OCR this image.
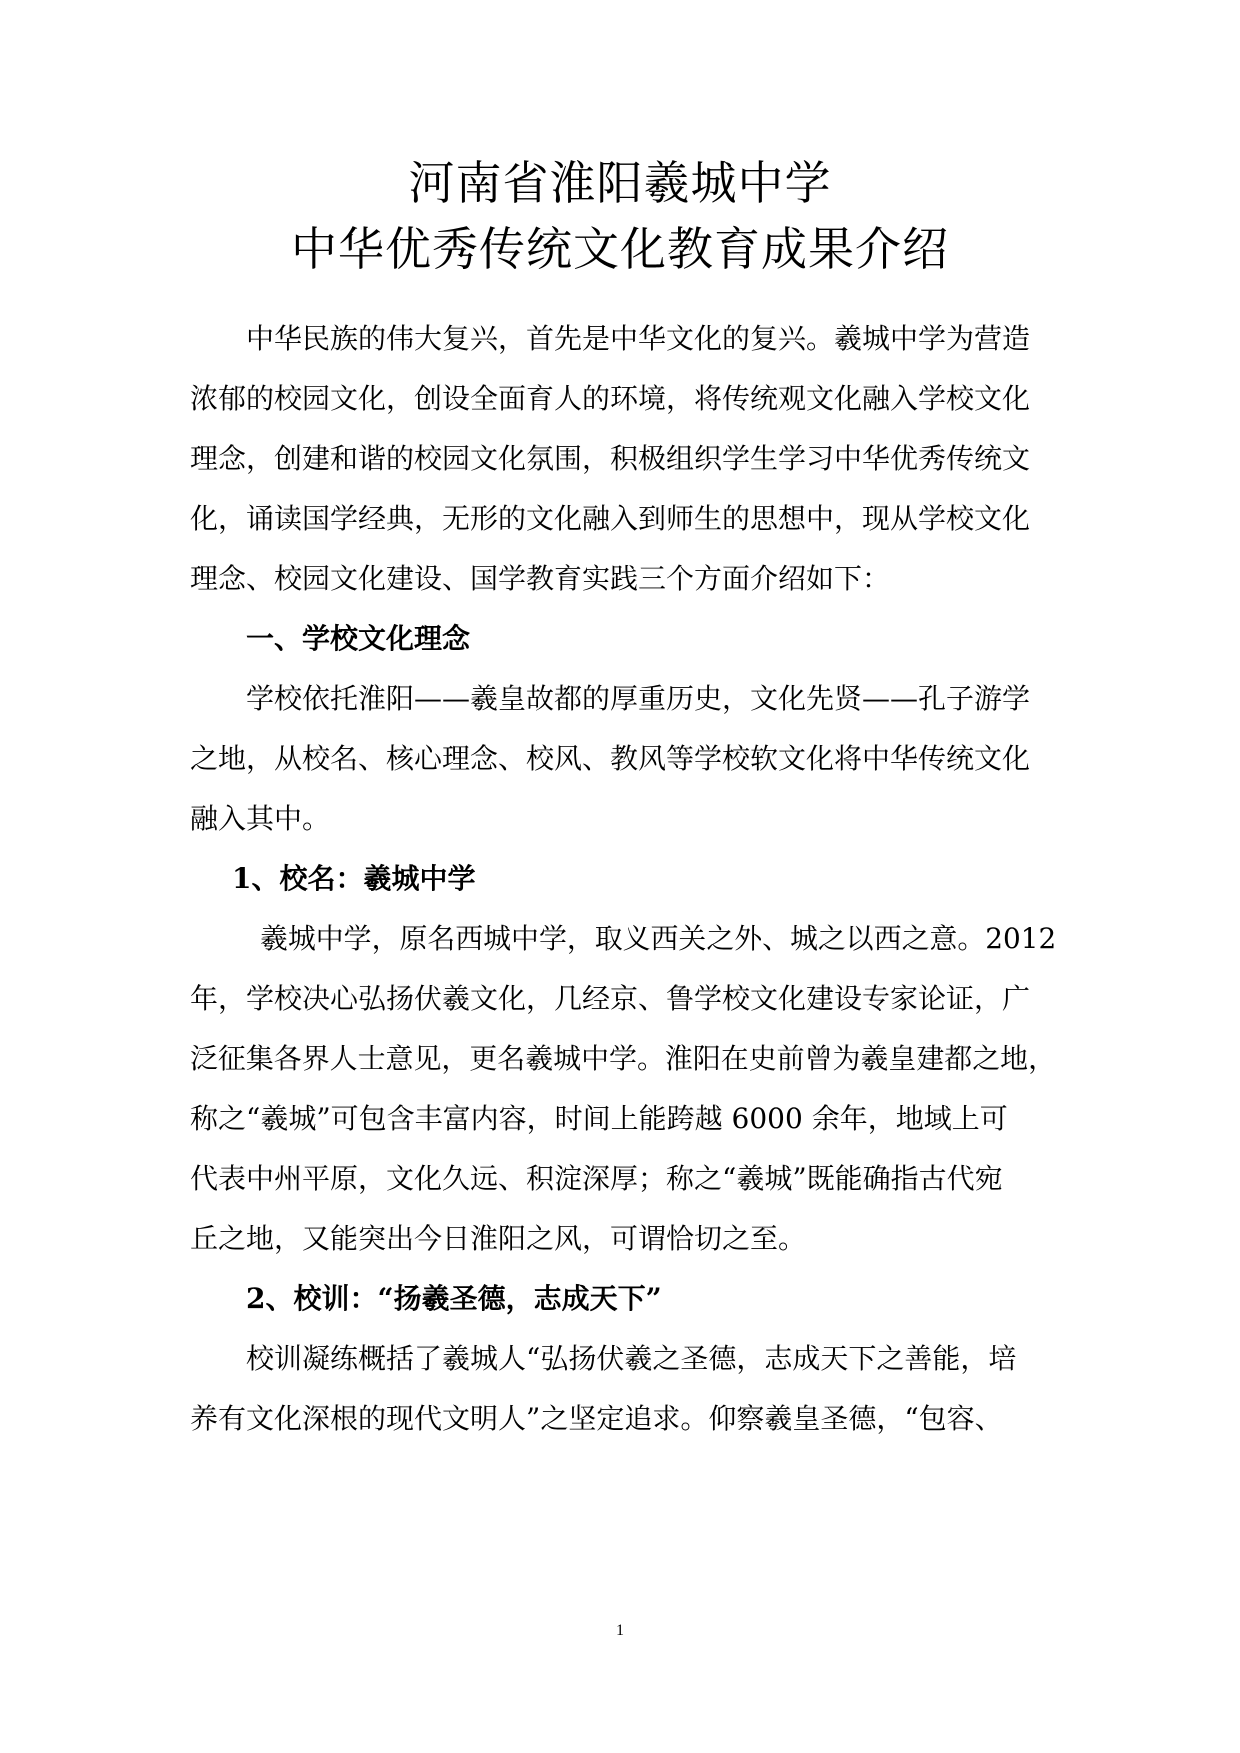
河南省淮阳羲城中学
中华优秀传统文化教育成果介绍
中华民族的伟大复兴，首先是中华文化的复兴。羲城中学为营造
浓郁的校园文化，创设全面育人的环境，将传统观文化融入学校文化
理念，创建和谐的校园文化氛围，积极组织学生学习中华优秀传统文
化，诵读国学经典，无形的文化融入到师生的思想中，现从学校文化
理念、校园文化建设、国学教育实践三个方面介绍如下：
一、学校文化理念
学校依托淮阳——羲皇故都的厚重历史，文化先贤——孔子游学
之地，从校名、核心理念、校风、教风等学校软文化将中华传统文化
融入其中。
1、校名：羲城中学
羲城中学，原名西城中学，取义西关之外、城之以西之意。2012
年，学校决心弘扬伏羲文化，几经京、鲁学校文化建设专家论证，广
泛征集各界人士意见，更名羲城中学。淮阳在史前曾为羲皇建都之地，
称之“羲城”可包含丰富内容，时间上能跨越 6000 余年，地域上可
代表中州平原，文化久远、积淀深厚；称之“羲城”既能确指古代宛
丘之地，又能突出今日淮阳之风，可谓恰切之至。
2、校训：“扬羲圣德，志成天下”
校训凝练概括了羲城人“弘扬伏羲之圣德，志成天下之善能，培
养有文化深根的现代文明人”之坚定追求。仰察羲皇圣德，“包容、
1
